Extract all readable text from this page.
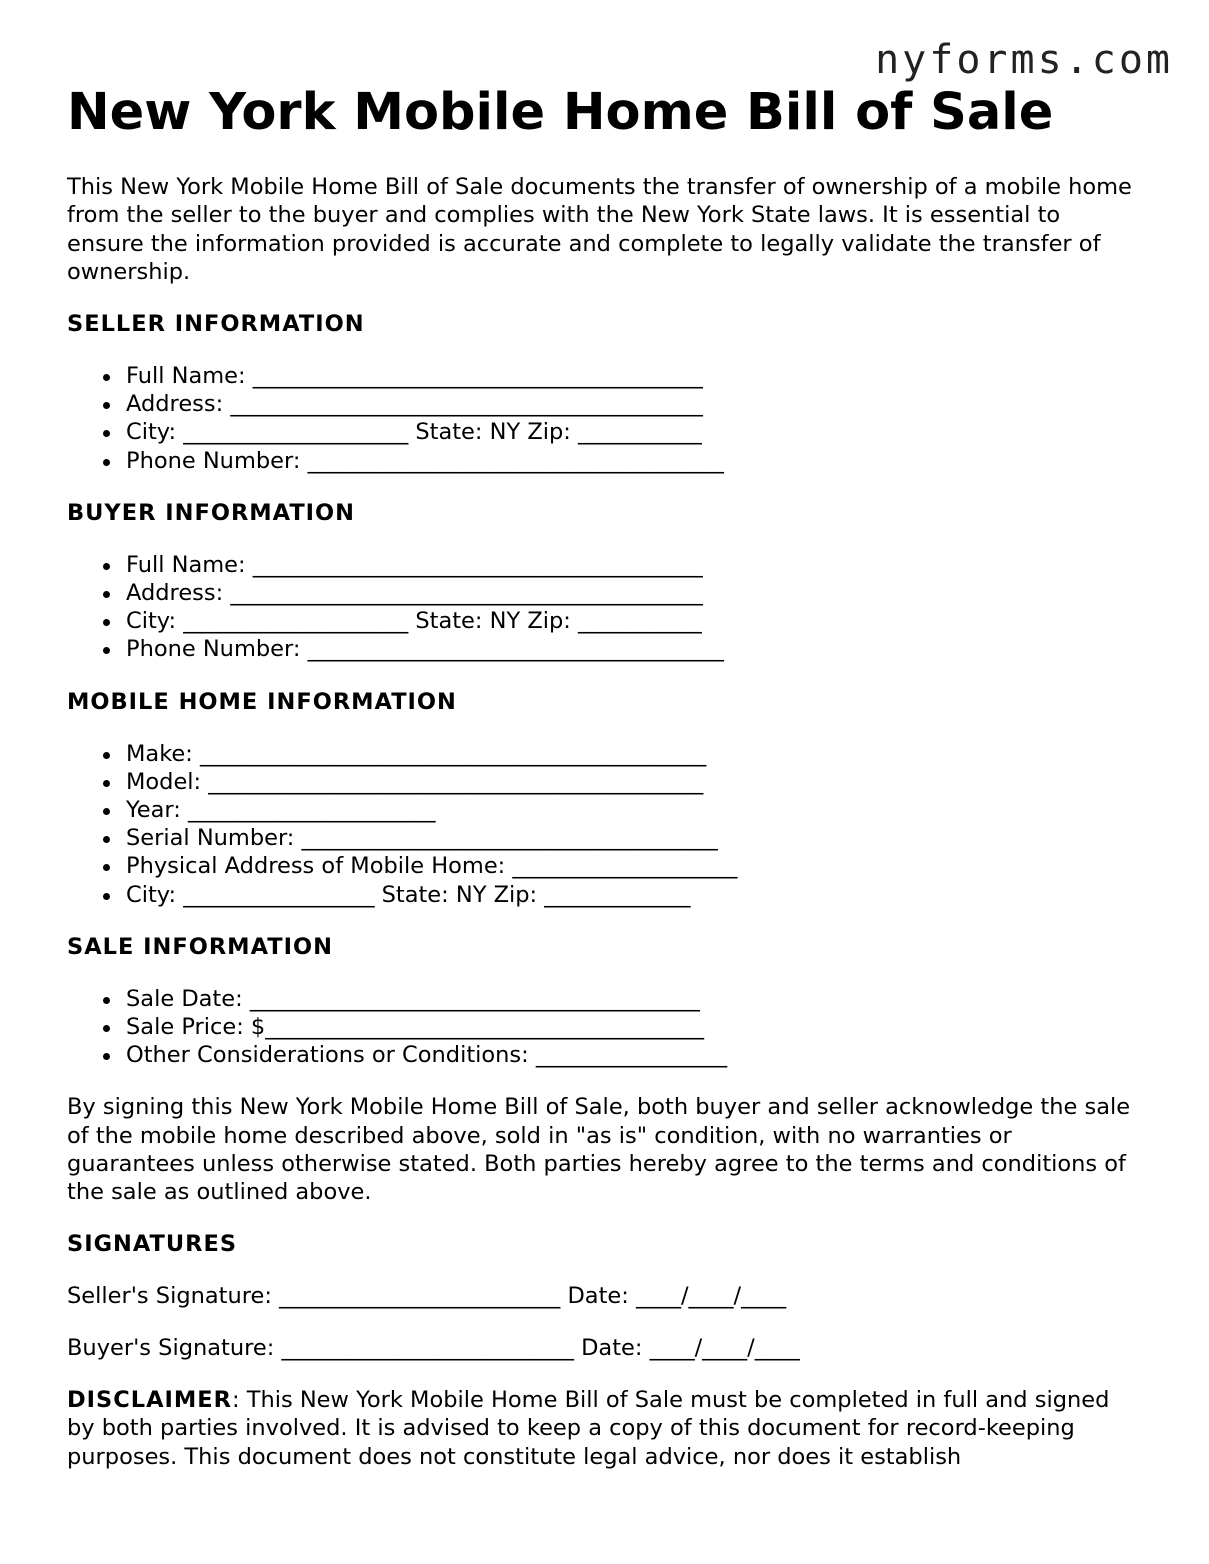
nyforms.com
New York Mobile Home Bill of Sale

This New York Mobile Home Bill of Sale documents the transfer of ownership of a mobile home from the seller to the buyer and complies with the New York State laws. It is essential to ensure the information provided is accurate and complete to legally validate the transfer of ownership.

SELLER INFORMATION
Full Name: ________________________________________
Address: __________________________________________
City: ____________________ State: NY Zip: ___________
Phone Number: _____________________________________
BUYER INFORMATION
Full Name: ________________________________________
Address: __________________________________________
City: ____________________ State: NY Zip: ___________
Phone Number: _____________________________________
MOBILE HOME INFORMATION
Make: _____________________________________________
Model: ____________________________________________
Year: ______________________
Serial Number: _____________________________________
Physical Address of Mobile Home: ____________________
City: _________________ State: NY Zip: _____________
SALE INFORMATION
Sale Date: ________________________________________
Sale Price: $_______________________________________
Other Considerations or Conditions: _________________

By signing this New York Mobile Home Bill of Sale, both buyer and seller acknowledge the sale of the mobile home described above, sold in "as is" condition, with no warranties or guarantees unless otherwise stated. Both parties hereby agree to the terms and conditions of the sale as outlined above.

SIGNATURES
Seller's Signature: _________________________ Date: ____/____/____
Buyer's Signature: __________________________ Date: ____/____/____

DISCLAIMER: This New York Mobile Home Bill of Sale must be completed in full and signed by both parties involved. It is advised to keep a copy of this document for record-keeping purposes. This document does not constitute legal advice, nor does it establish
